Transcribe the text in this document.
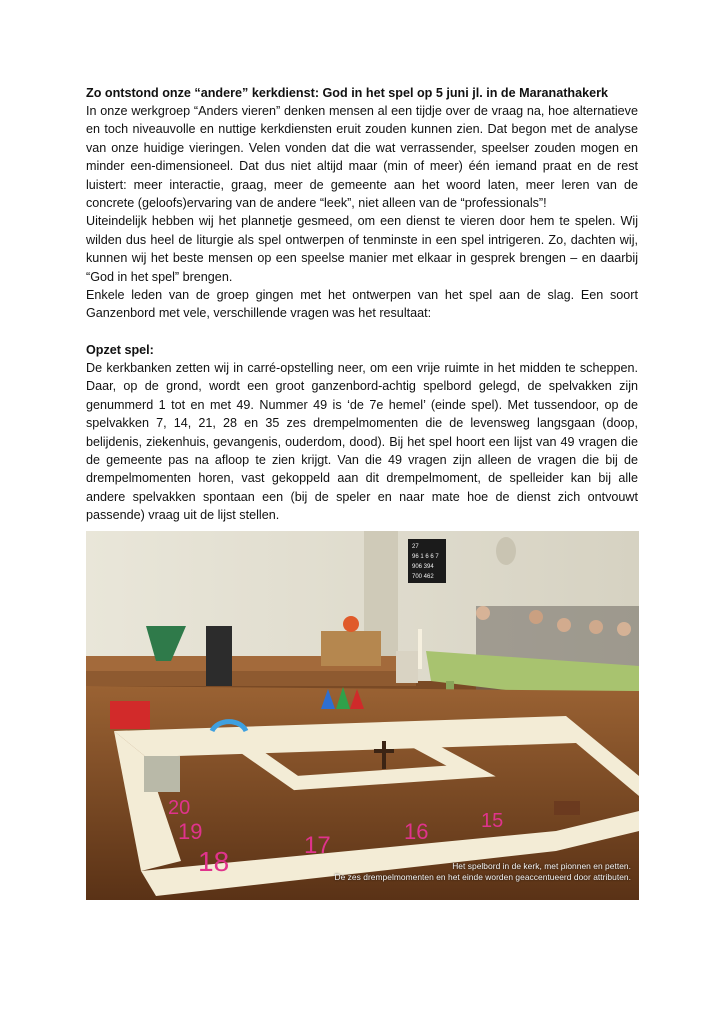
Zo ontstond onze “andere” kerkdienst: God in het spel op 5 juni jl. in de Maranathakerk

In onze werkgroep “Anders vieren” denken mensen al een tijdje over de vraag na, hoe alternatieve en toch niveauvolle en nuttige kerkdiensten eruit zouden kunnen zien. Dat begon met de analyse van onze huidige vieringen. Velen vonden dat die wat verrassender, speelser zouden mogen en minder een-dimensioneel. Dat dus niet altijd maar (min of meer) één iemand praat en de rest luistert: meer interactie, graag, meer de gemeente aan het woord laten, meer leren van de concrete (geloofs)ervaring van de andere “leek”, niet alleen van de “professionals”!

Uiteindelijk hebben wij het plannetje gesmeed, om een dienst te vieren door hem te spelen. Wij wilden dus heel de liturgie als spel ontwerpen of tenminste in een spel intrigeren. Zo, dachten wij, kunnen wij het beste mensen op een speelse manier met elkaar in gesprek brengen – en daarbij “God in het spel” brengen.

Enkele leden van de groep gingen met het ontwerpen van het spel aan de slag. Een soort Ganzenbord met vele, verschillende vragen was het resultaat:

Opzet spel:

De kerkbanken zetten wij in carré-opstelling neer, om een vrije ruimte in het midden te scheppen. Daar, op de grond, wordt een groot ganzenbord-achtig spelbord gelegd, de spelvakken zijn genummerd 1 tot en met 49. Nummer 49 is ‘de 7e hemel’ (einde spel). Met tussendoor, op de spelvakken 7, 14, 21, 28 en 35 zes drempelmomenten die de levensweg langsgaan (doop, belijdenis, ziekenhuis, gevangenis, ouderdom, dood). Bij het spel hoort een lijst van 49 vragen die de gemeente pas na afloop te zien krijgt. Van die 49 vragen zijn alleen de vragen die bij de drempelmomenten horen, vast gekoppeld aan dit drempelmoment, de spelleider kan bij alle andere spelvakken spontaan een (bij de speler en naar mate hoe de dienst zich ontvouwt passende) vraag uit de lijst stellen.

27
96 1 6 6 7
906 394
700 462
20
19
18
17
16	15
Het spelbord in de kerk, met pionnen en petten.
De zes drempelmomenten en het einde worden geaccentueerd door attributen.
